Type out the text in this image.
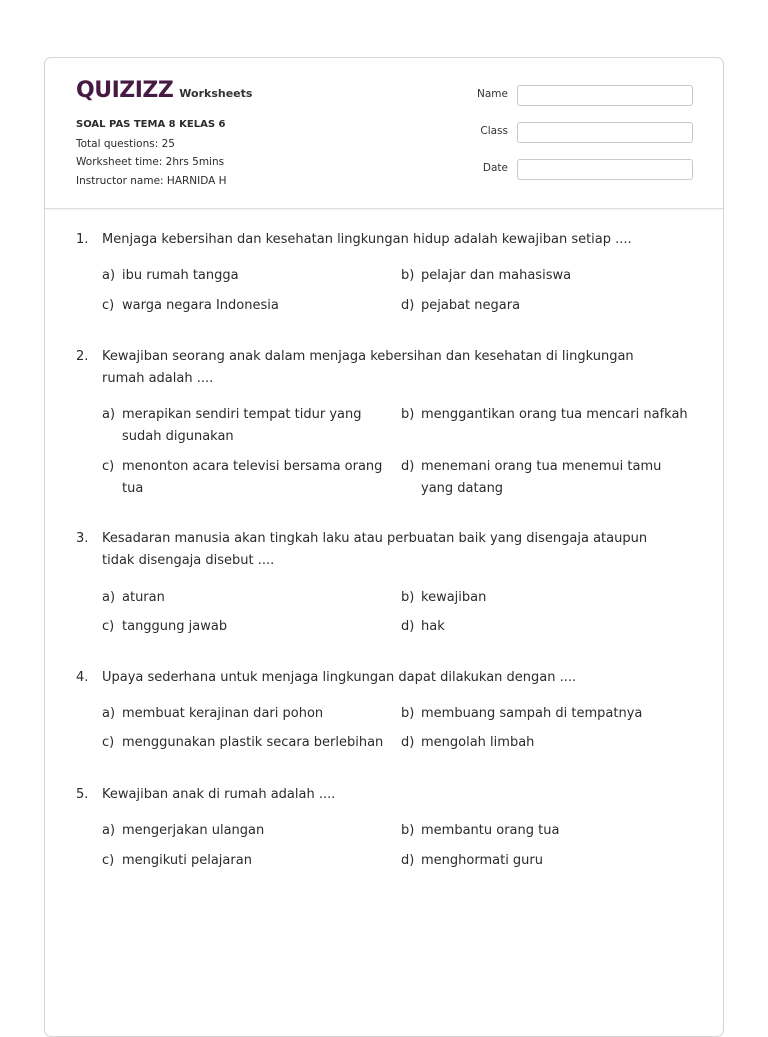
QUIZIZZ Worksheets
SOAL PAS TEMA 8 KELAS 6
Total questions: 25
Worksheet time: 2hrs 5mins
Instructor name: HARNIDA H
Name
Class
Date
1. Menjaga kebersihan dan kesehatan lingkungan hidup adalah kewajiban setiap ....
a) ibu rumah tangga	b) pelajar dan mahasiswa
c) warga negara Indonesia	d) pejabat negara
2. Kewajiban seorang anak dalam menjaga kebersihan dan kesehatan di lingkungan rumah adalah ....
a) merapikan sendiri tempat tidur yang sudah digunakan
b) menggantikan orang tua mencari nafkah
c) menonton acara televisi bersama orang tua
d) menemani orang tua menemui tamu yang datang
3. Kesadaran manusia akan tingkah laku atau perbuatan baik yang disengaja ataupun tidak disengaja disebut ....
a) aturan	b) kewajiban
c) tanggung jawab	d) hak
4. Upaya sederhana untuk menjaga lingkungan dapat dilakukan dengan ....
a) membuat kerajinan dari pohon	b) membuang sampah di tempatnya
c) menggunakan plastik secara berlebihan d) mengolah limbah
5. Kewajiban anak di rumah adalah ....
a) mengerjakan ulangan	b) membantu orang tua
c) mengikuti pelajaran	d) menghormati guru
